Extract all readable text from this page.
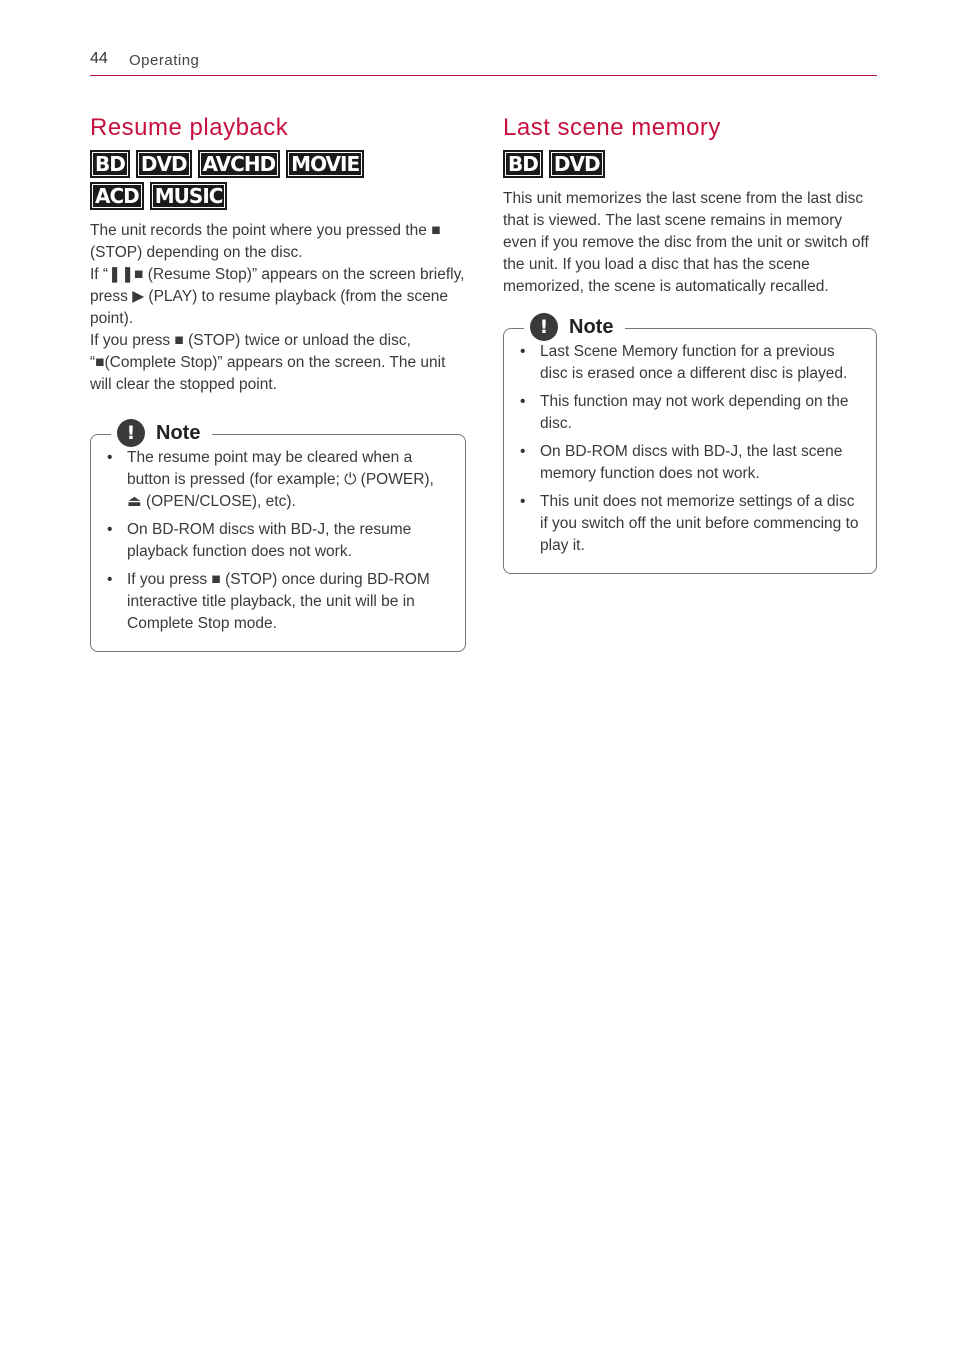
44 Operating
Resume playback
BD DVD AVCHD MOVIE
ACD MUSIC

The unit records the point where you pressed the ■ (STOP) depending on the disc.

If “❚❚■ (Resume Stop)” appears on the screen briefly, press ▶ (PLAY) to resume playback (from the scene point).

If you press ■ (STOP) twice or unload the disc, “■(Complete Stop)” appears on the screen. The unit will clear the stopped point.

!	Note
• The resume point may be cleared when a button is pressed (for example; ⏻ (POWER), ⏏ (OPEN/CLOSE), etc).
• On BD-ROM discs with BD-J, the resume playback function does not work.
• If you press ■ (STOP) once during BD-ROM interactive title playback, the unit will be in Complete Stop mode.
Last scene memory
BD DVD

This unit memorizes the last scene from the last disc that is viewed. The last scene remains in memory even if you remove the disc from the unit or switch off the unit. If you load a disc that has the scene memorized, the scene is automatically recalled.

!	Note
• Last Scene Memory function for a previous disc is erased once a different disc is played.
• This function may not work depending on the disc.
• On BD-ROM discs with BD-J, the last scene memory function does not work.
• This unit does not memorize settings of a disc if you switch off the unit before commencing to play it.
